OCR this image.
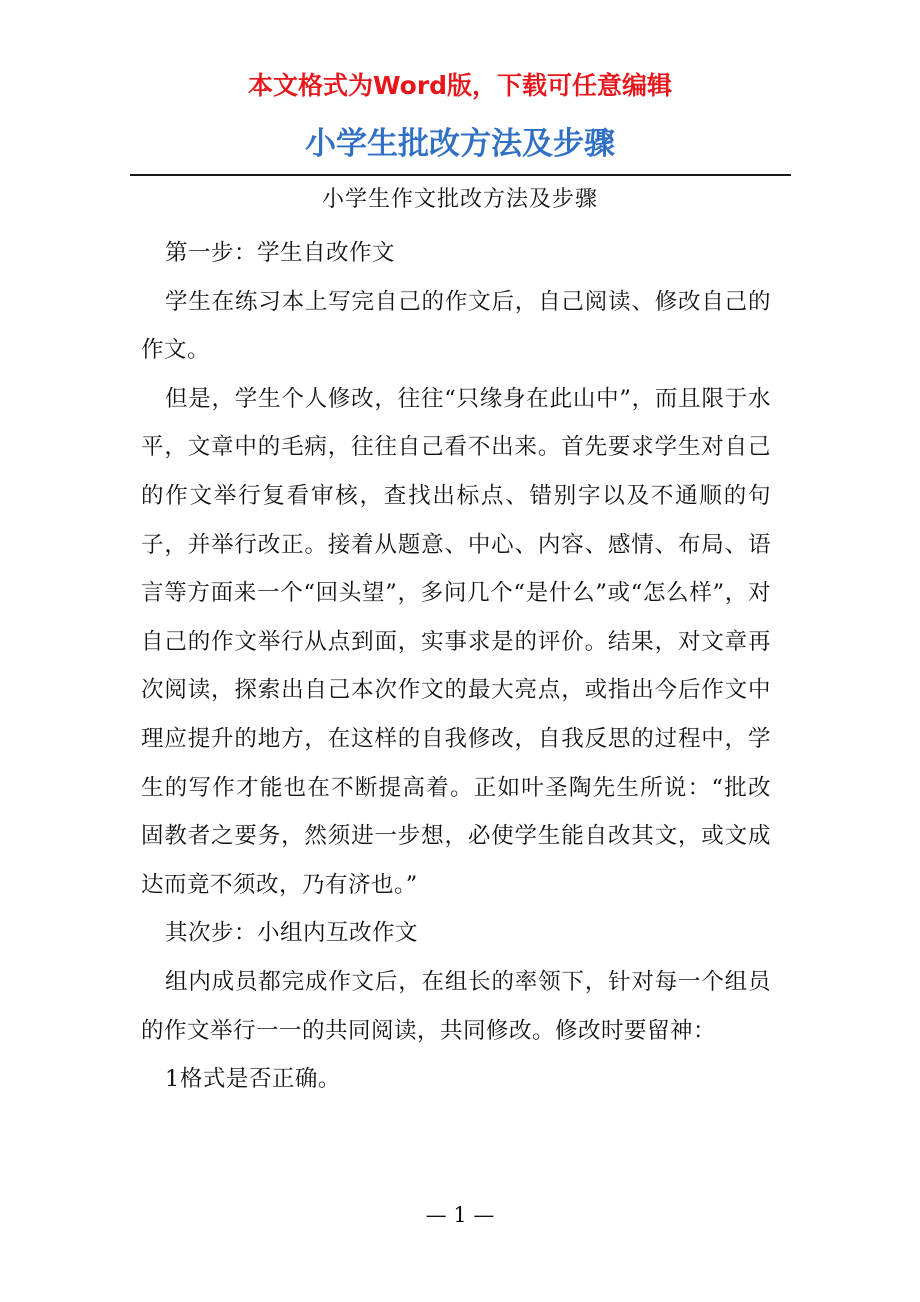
本文格式为Word版，下载可任意编辑
小学生批改方法及步骤
小学生作文批改方法及步骤

第一步：学生自改作文

学生在练习本上写完自己的作文后，自己阅读、修改自己的作文。

但是，学生个人修改，往往“只缘身在此山中”，而且限于水平，文章中的毛病，往往自己看不出来。首先要求学生对自己的作文举行复看审核，查找出标点、错别字以及不通顺的句子，并举行改正。接着从题意、中心、内容、感情、布局、语言等方面来一个“回头望”，多问几个“是什么”或“怎么样”，对自己的作文举行从点到面，实事求是的评价。结果，对文章再次阅读，探索出自己本次作文的最大亮点，或指出今后作文中理应提升的地方，在这样的自我修改，自我反思的过程中，学生的写作才能也在不断提高着。正如叶圣陶先生所说：“批改固教者之要务，然须进一步想，必使学生能自改其文，或文成达而竟不须改，乃有济也。”

其次步：小组内互改作文

组内成员都完成作文后，在组长的率领下，针对每一个组员的作文举行一一的共同阅读，共同修改。修改时要留神：

1格式是否正确。

— 1 —
